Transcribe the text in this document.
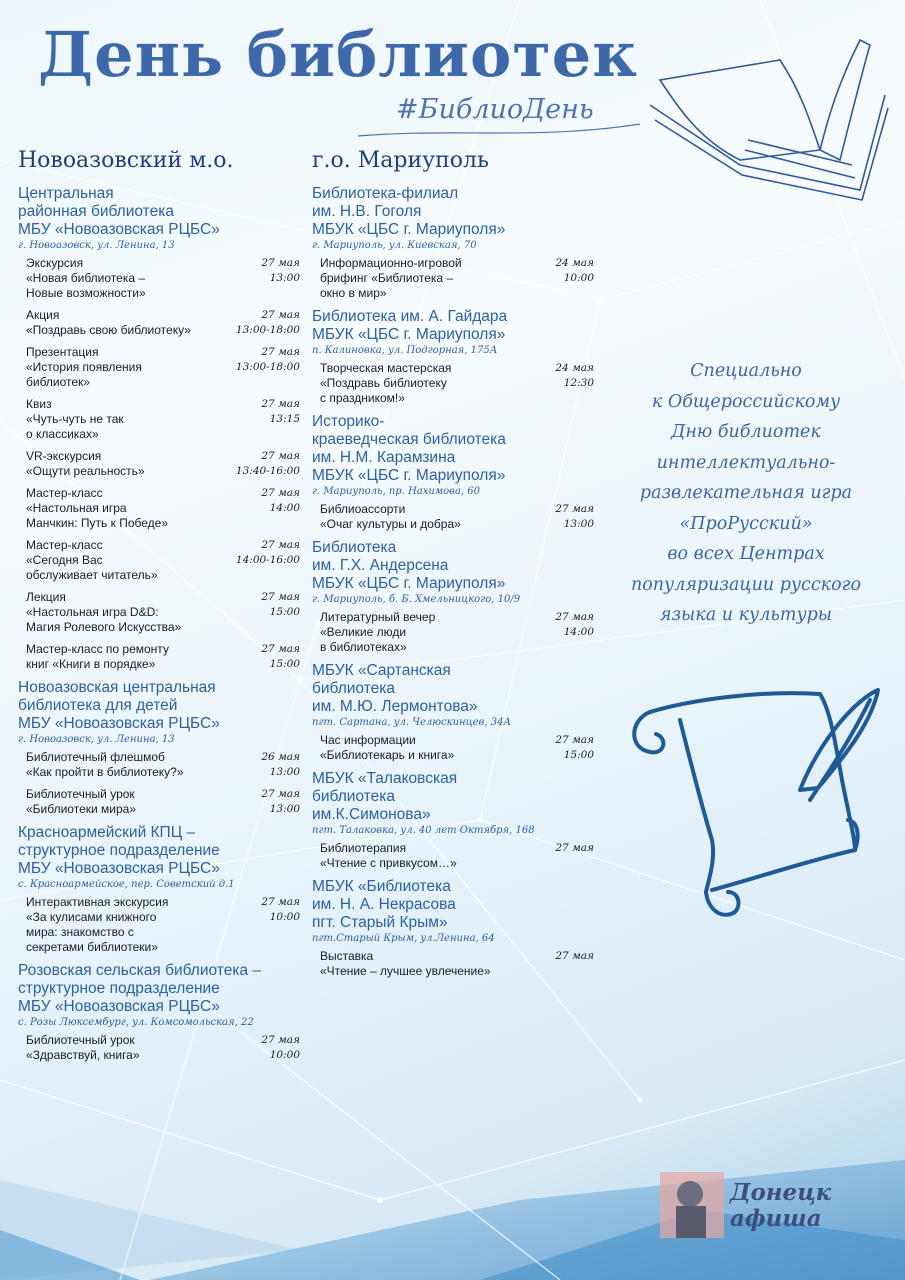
День библиотек
#БиблиоДень
Новоазовский м.о.
Центральная
районная библиотека
МБУ «Новоазовская РЦБС»
г. Новоазовск, ул. Ленина, 13
Экскурсия
«Новая библиотека –
Новые возможности»
27 мая
13:00
Акция
«Поздравь свою библиотеку»
27 мая
13:00-18:00
Презентация
«История появления
библиотек»
27 мая
13:00-18:00
Квиз
«Чуть-чуть не так
о классиках»
27 мая
13:15
VR-экскурсия
«Ощути реальность»
27 мая
13:40-16:00
Мастер-класс
«Настольная игра
Манчкин: Путь к Победе»
27 мая
14:00
Мастер-класс
«Сегодня Вас
обслуживает читатель»
27 мая
14:00-16:00
Лекция
«Настольная игра D&D:
Магия Ролевого Искусства»
27 мая
15:00
Мастер-класс по ремонту
книг «Книги в порядке»
27 мая
15:00
Новоазовская центральная
библиотека для детей
МБУ «Новоазовская РЦБС»
г. Новоазовск, ул. Ленина, 13
Библиотечный флешмоб
«Как пройти в библиотеку?»
26 мая
13:00
Библиотечный урок
«Библиотеки мира»
27 мая
13:00
Красноармейский КПЦ –
структурное подразделение
МБУ «Новоазовская РЦБС»
с. Красноармейское, пер. Советский д.1
Интерактивная экскурсия
«За кулисами книжного
мира: знакомство с
секретами библиотеки»
27 мая
10:00
Розовская сельская библиотека –
структурное подразделение
МБУ «Новоазовская РЦБС»
с. Розы Люксембург, ул. Комсомольская, 22
Библиотечный урок
«Здравствуй, книга»
27 мая
10:00
г.о. Мариуполь
Библиотека-филиал
им. Н.В. Гоголя
МБУК «ЦБС г. Мариуполя»
г. Мариуполь, ул. Киевская, 70
Информационно-игровой
брифинг «Библиотека –
окно в мир»
24 мая
10:00
Библиотека им. А. Гайдара
МБУК «ЦБС г. Мариуполя»
п. Калиновка, ул. Подгорная, 175А
Творческая мастерская
«Поздравь библиотеку
с праздником!»
24 мая
12:30
Историко-
краеведческая библиотека
им. Н.М. Карамзина
МБУК «ЦБС г. Мариуполя»
г. Мариуполь, пр. Нахимова, 60
Библиоассорти
«Очаг культуры и добра»
27 мая
13:00
Библиотека
им. Г.Х. Андерсена
МБУК «ЦБС г. Мариуполя»
г. Мариуполь, б. Б. Хмельницкого, 10/9
Литературный вечер
«Великие люди
в библиотеках»
27 мая
14:00
МБУК «Сартанская
библиотека
им. М.Ю. Лермонтова»
пгт. Сартана, ул. Челюскинцев, 34А
Час информации
«Библиотекарь и книга»
27 мая
15:00
МБУК «Талаковская
библиотека
им.К.Симонова»
пгт. Талаковка, ул. 40 лет Октября, 168
Библиотерапия
«Чтение с привкусом…»
27 мая
МБУК «Библиотека
им. Н. А. Некрасова
пгт. Старый Крым»
пгт.Старый Крым, ул.Ленина, 64
Выставка
«Чтение – лучшее увлечение»
27 мая
Специально
к Общероссийскому
Дню библиотек
интеллектуально-
развлекательная игра
«ПроРусский»
во всех Центрах
популяризации русского
языка и культуры
Донецк
афиша
